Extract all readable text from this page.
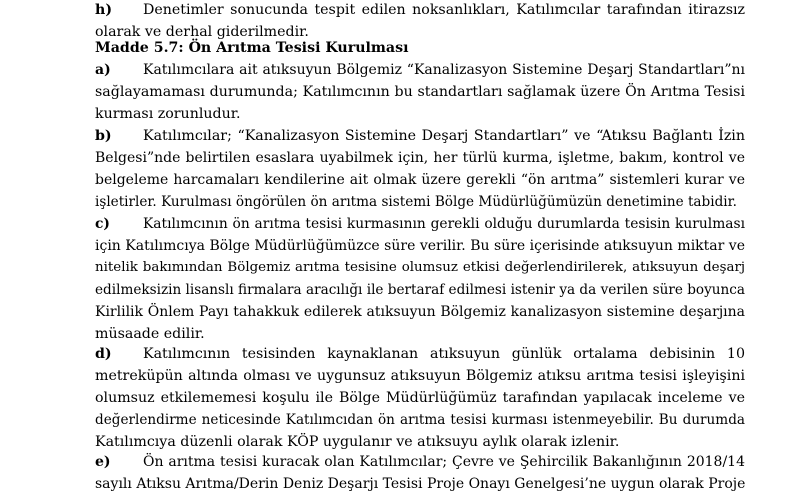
h) Denetimler sonucunda tespit edilen noksanlıkları, Katılımcılar tarafından itirazsız
olarak ve derhal giderilmedir.
Madde 5.7: Ön Arıtma Tesisi Kurulması
a) Katılımcılara ait atıksuyun Bölgemiz “Kanalizasyon Sistemine Deşarj Standartları”nı
sağlayamaması durumunda; Katılımcının bu standartları sağlamak üzere Ön Arıtma Tesisi
kurması zorunludur.
b) Katılımcılar; “Kanalizasyon Sistemine Deşarj Standartları” ve “Atıksu Bağlantı İzin
Belgesi”nde belirtilen esaslara uyabilmek için, her türlü kurma, işletme, bakım, kontrol ve
belgeleme harcamaları kendilerine ait olmak üzere gerekli “ön arıtma” sistemleri kurar ve
işletirler. Kurulması öngörülen ön arıtma sistemi Bölge Müdürlüğümüzün denetimine tabidir.
c) Katılımcının ön arıtma tesisi kurmasının gerekli olduğu durumlarda tesisin kurulması
için Katılımcıya Bölge Müdürlüğümüzce süre verilir. Bu süre içerisinde atıksuyun miktar ve
nitelik bakımından Bölgemiz arıtma tesisine olumsuz etkisi değerlendirilerek, atıksuyun deşarj
edilmeksizin lisanslı firmalara aracılığı ile bertaraf edilmesi istenir ya da verilen süre boyunca
Kirlilik Önlem Payı tahakkuk edilerek atıksuyun Bölgemiz kanalizasyon sistemine deşarjına
müsaade edilir.
d) Katılımcının tesisinden kaynaklanan atıksuyun günlük ortalama debisinin 10
metreküpün altında olması ve uygunsuz atıksuyun Bölgemiz atıksu arıtma tesisi işleyişini
olumsuz etkilememesi koşulu ile Bölge Müdürlüğümüz tarafından yapılacak inceleme ve
değerlendirme neticesinde Katılımcıdan ön arıtma tesisi kurması istenmeyebilir. Bu durumda
Katılımcıya düzenli olarak KÖP uygulanır ve atıksuyu aylık olarak izlenir.
e) Ön arıtma tesisi kuracak olan Katılımcılar; Çevre ve Şehircilik Bakanlığının 2018/14
sayılı Atıksu Arıtma/Derin Deniz Deşarjı Tesisi Proje Onayı Genelgesi’ne uygun olarak Proje
